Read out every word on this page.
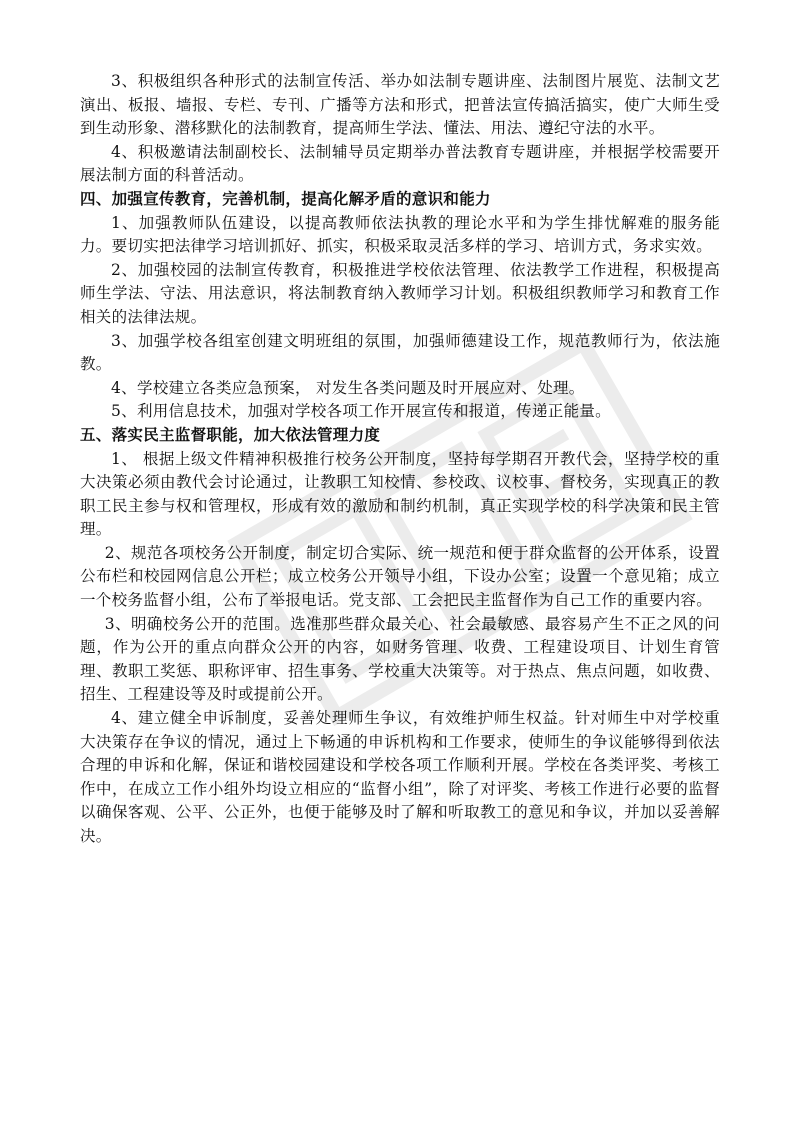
3、积极组织各种形式的法制宣传活、举办如法制专题讲座、法制图片展览、法制文艺演出、板报、墙报、专栏、专刊、广播等方法和形式，把普法宣传搞活搞实，使广大师生受到生动形象、潜移默化的法制教育，提高师生学法、懂法、用法、遵纪守法的水平。

4、积极邀请法制副校长、法制辅导员定期举办普法教育专题讲座，并根据学校需要开展法制方面的科普活动。

四、加强宣传教育，完善机制，提高化解矛盾的意识和能力

1、加强教师队伍建设，以提高教师依法执教的理论水平和为学生排忧解难的服务能力。要切实把法律学习培训抓好、抓实，积极采取灵活多样的学习、培训方式，务求实效。

2、加强校园的法制宣传教育，积极推进学校依法管理、依法教学工作进程，积极提高师生学法、守法、用法意识，将法制教育纳入教师学习计划。积极组织教师学习和教育工作相关的法律法规。

3、加强学校各组室创建文明班组的氛围，加强师德建设工作，规范教师行为，依法施教。

4、学校建立各类应急预案， 对发生各类问题及时开展应对、处理。

5、利用信息技术，加强对学校各项工作开展宣传和报道，传递正能量。

五、落实民主监督职能，加大依法管理力度

1、 根据上级文件精神积极推行校务公开制度，坚持每学期召开教代会，坚持学校的重大决策必须由教代会讨论通过，让教职工知校情、参校政、议校事、督校务，实现真正的教职工民主参与权和管理权，形成有效的激励和制约机制，真正实现学校的科学决策和民主管理。

2、规范各项校务公开制度，制定切合实际、统一规范和便于群众监督的公开体系，设置公布栏和校园网信息公开栏；成立校务公开领导小组，下设办公室；设置一个意见箱；成立一个校务监督小组，公布了举报电话。党支部、工会把民主监督作为自己工作的重要内容。

3、明确校务公开的范围。选准那些群众最关心、社会最敏感、最容易产生不正之风的问题，作为公开的重点向群众公开的内容，如财务管理、收费、工程建设项目、计划生育管理、教职工奖惩、职称评审、招生事务、学校重大决策等。对于热点、焦点问题，如收费、招生、工程建设等及时或提前公开。

4、建立健全申诉制度，妥善处理师生争议，有效维护师生权益。针对师生中对学校重大决策存在争议的情况，通过上下畅通的申诉机构和工作要求，使师生的争议能够得到依法合理的申诉和化解，保证和谐校园建设和学校各项工作顺利开展。学校在各类评奖、考核工作中，在成立工作小组外均设立相应的“监督小组”，除了对评奖、考核工作进行必要的监督以确保客观、公平、公正外，也便于能够及时了解和听取教工的意见和争议，并加以妥善解决。
